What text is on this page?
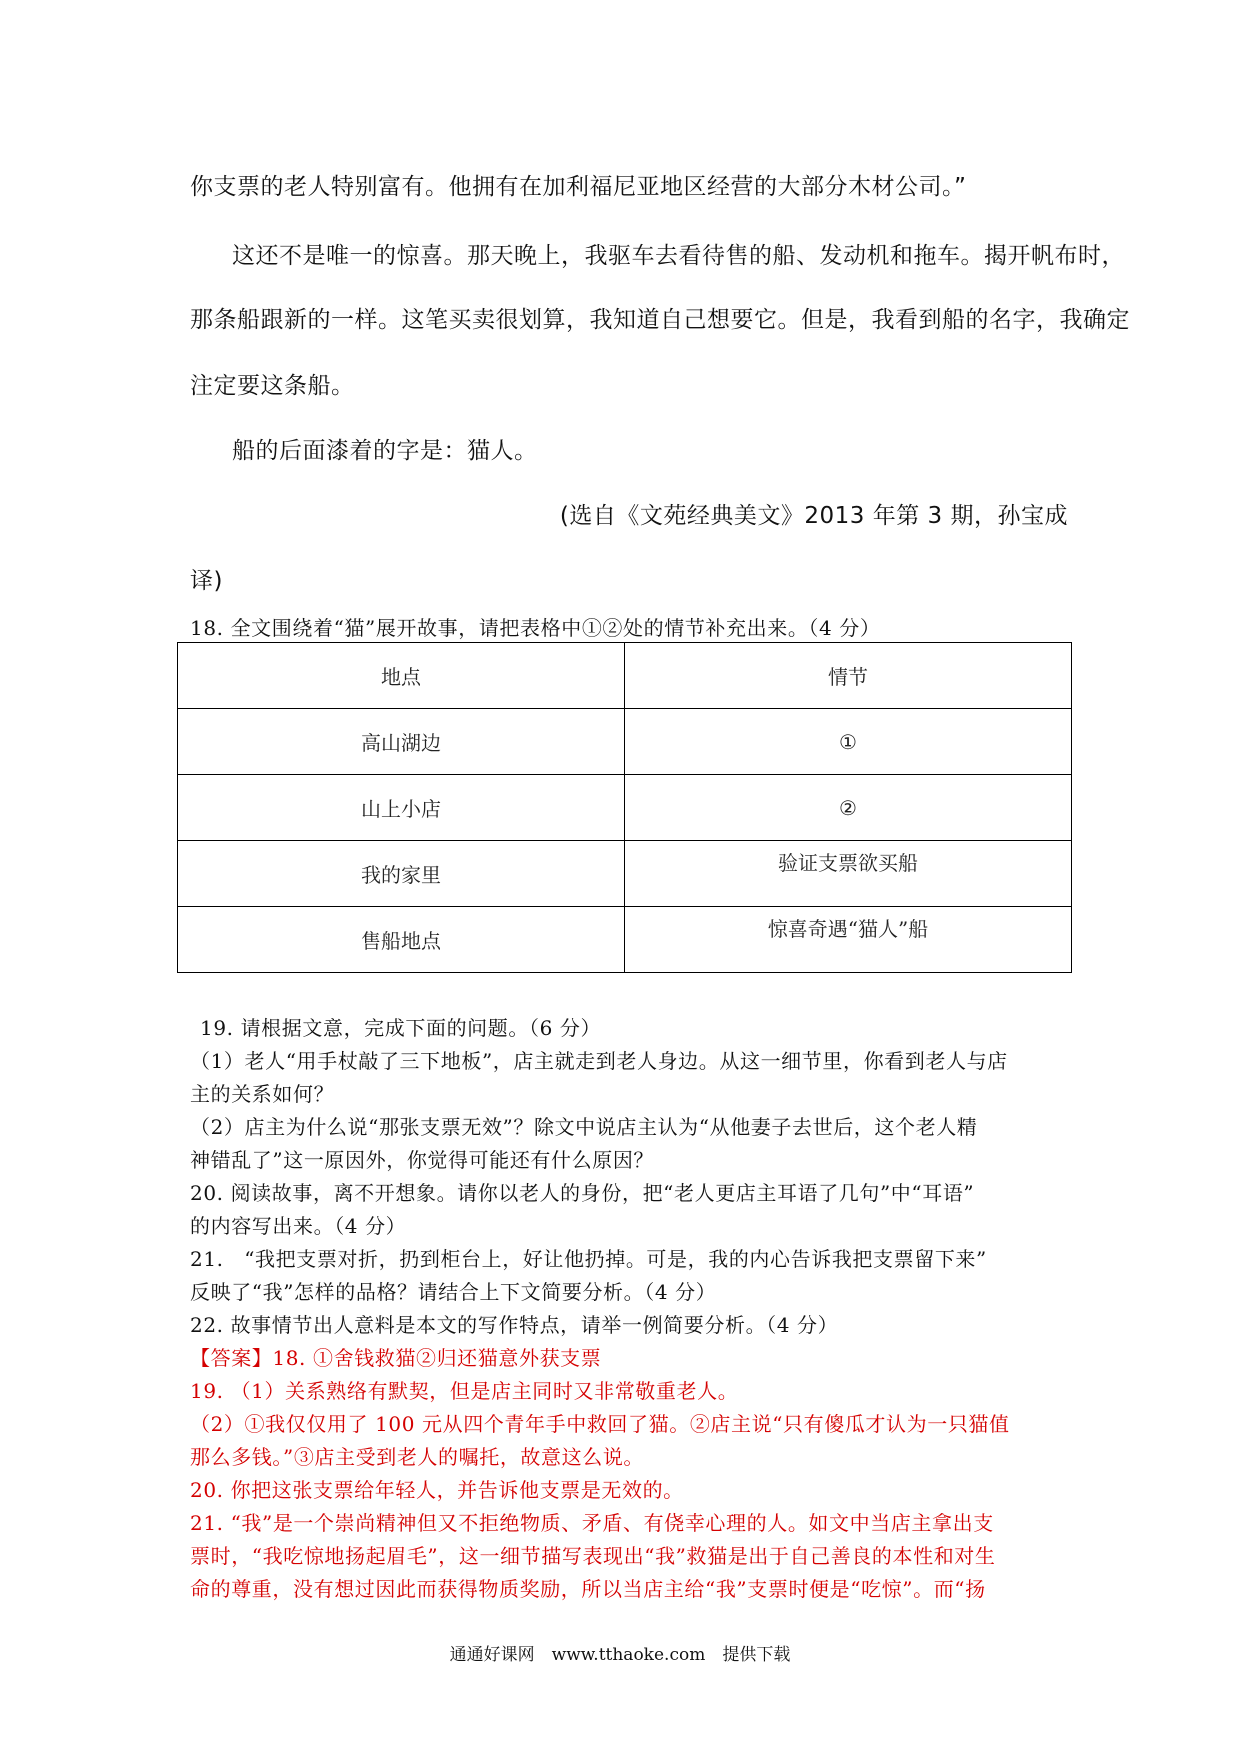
你支票的老人特别富有。他拥有在加利福尼亚地区经营的大部分木材公司。”
这还不是唯一的惊喜。那天晚上，我驱车去看待售的船、发动机和拖车。揭开帆布时，
那条船跟新的一样。这笔买卖很划算，我知道自己想要它。但是，我看到船的名字，我确定
注定要这条船。
船的后面漆着的字是：猫人。
(选自《文苑经典美文》2013 年第 3 期，孙宝成
译)
18. 全文围绕着“猫”展开故事，请把表格中①②处的情节补充出来。（4 分）
地点	情节
高山湖边	①
山上小店	②
我的家里	验证支票欲买船
售船地点	惊喜奇遇“猫人”船
19. 请根据文意，完成下面的问题。（6 分）
（1）老人“用手杖敲了三下地板”，店主就走到老人身边。从这一细节里，你看到老人与店
主的关系如何？
（2）店主为什么说“那张支票无效”？除文中说店主认为“从他妻子去世后，这个老人精
神错乱了”这一原因外，你觉得可能还有什么原因？
20. 阅读故事，离不开想象。请你以老人的身份，把“老人更店主耳语了几句”中“耳语”
的内容写出来。（4 分）
21.　“我把支票对折，扔到柜台上，好让他扔掉。可是，我的内心告诉我把支票留下来”
反映了“我”怎样的品格？请结合上下文简要分析。（4 分）
22. 故事情节出人意料是本文的写作特点，请举一例简要分析。（4 分）
【答案】18. ①舍钱救猫②归还猫意外获支票
19. （1）关系熟络有默契，但是店主同时又非常敬重老人。
（2）①我仅仅用了 100 元从四个青年手中救回了猫。②店主说“只有傻瓜才认为一只猫值
那么多钱。”③店主受到老人的嘱托，故意这么说。
20. 你把这张支票给年轻人，并告诉他支票是无效的。
21. “我”是一个崇尚精神但又不拒绝物质、矛盾、有侥幸心理的人。如文中当店主拿出支
票时，“我吃惊地扬起眉毛”，这一细节描写表现出“我”救猫是出于自己善良的本性和对生
命的尊重，没有想过因此而获得物质奖励，所以当店主给“我”支票时便是“吃惊”。而“扬
通通好课网　www.tthaoke.com　提供下载
